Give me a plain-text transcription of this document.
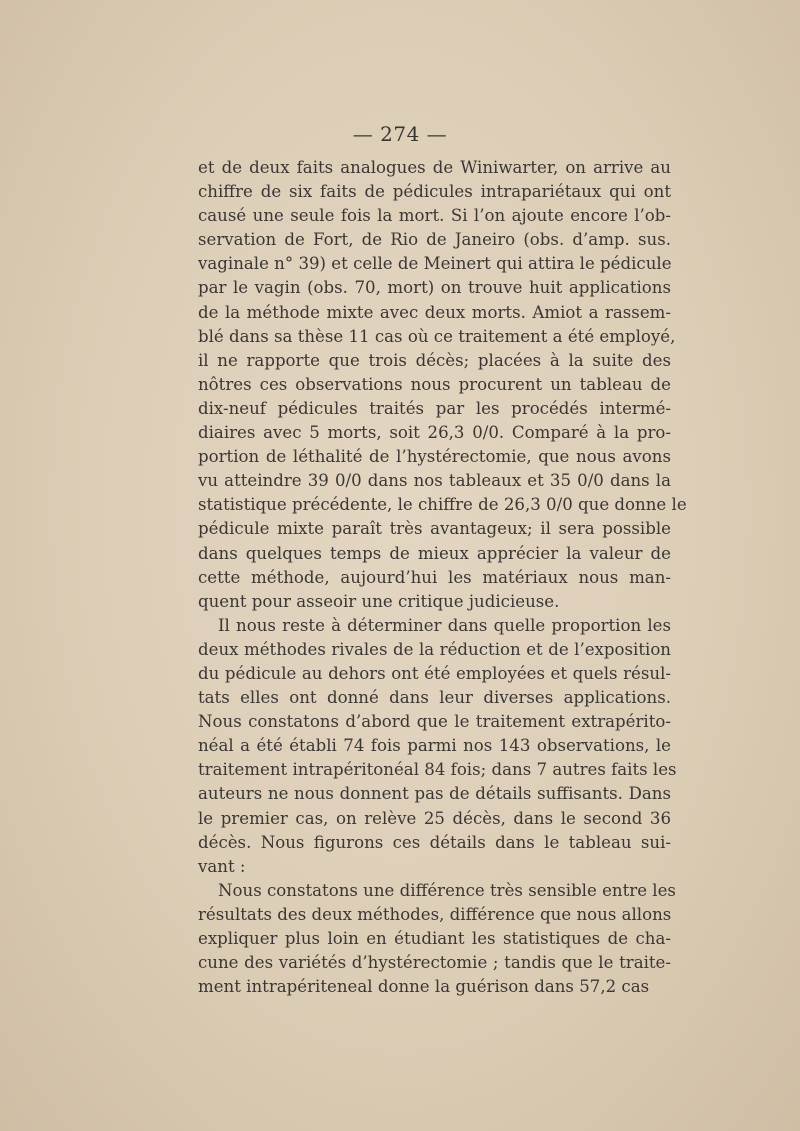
— 274 —
et de deux faits analogues de Winiwarter, on arrive au
chiffre de six faits de pédicules intrapariétaux qui ont
causé une seule fois la mort. Si l’on ajoute encore l’ob-
servation de Fort, de Rio de Janeiro (obs. d’amp. sus.
vaginale n° 39) et celle de Meinert qui attira le pédicule
par le vagin (obs. 70, mort) on trouve huit applications
de la méthode mixte avec deux morts. Amiot a rassem-
blé dans sa thèse 11 cas où ce traitement a été employé,
il ne rapporte que trois décès; placées à la suite des
nôtres ces observations nous procurent un tableau de
dix-neuf pédicules traités par les procédés intermé-
diaires avec 5 morts, soit 26,3 0/0. Comparé à la pro-
portion de léthalité de l’hystérectomie, que nous avons
vu atteindre 39 0/0 dans nos tableaux et 35 0/0 dans la
statistique précédente, le chiffre de 26,3 0/0 que donne le
pédicule mixte paraît très avantageux; il sera possible
dans quelques temps de mieux apprécier la valeur de
cette méthode, aujourd’hui les matériaux nous man-
quent pour asseoir une critique judicieuse.
Il nous reste à déterminer dans quelle proportion les
deux méthodes rivales de la réduction et de l’exposition
du pédicule au dehors ont été employées et quels résul-
tats elles ont donné dans leur diverses applications.
Nous constatons d’abord que le traitement extrapérito-
néal a été établi 74 fois parmi nos 143 observations, le
traitement intrapéritonéal 84 fois; dans 7 autres faits les
auteurs ne nous donnent pas de détails suffisants. Dans
le premier cas, on relève 25 décès, dans le second 36
décès. Nous figurons ces détails dans le tableau sui-
vant :
Nous constatons une différence très sensible entre les
résultats des deux méthodes, différence que nous allons
expliquer plus loin en étudiant les statistiques de cha-
cune des variétés d’hystérectomie ; tandis que le traite-
ment intrapériteneal donne la guérison dans 57,2 cas
